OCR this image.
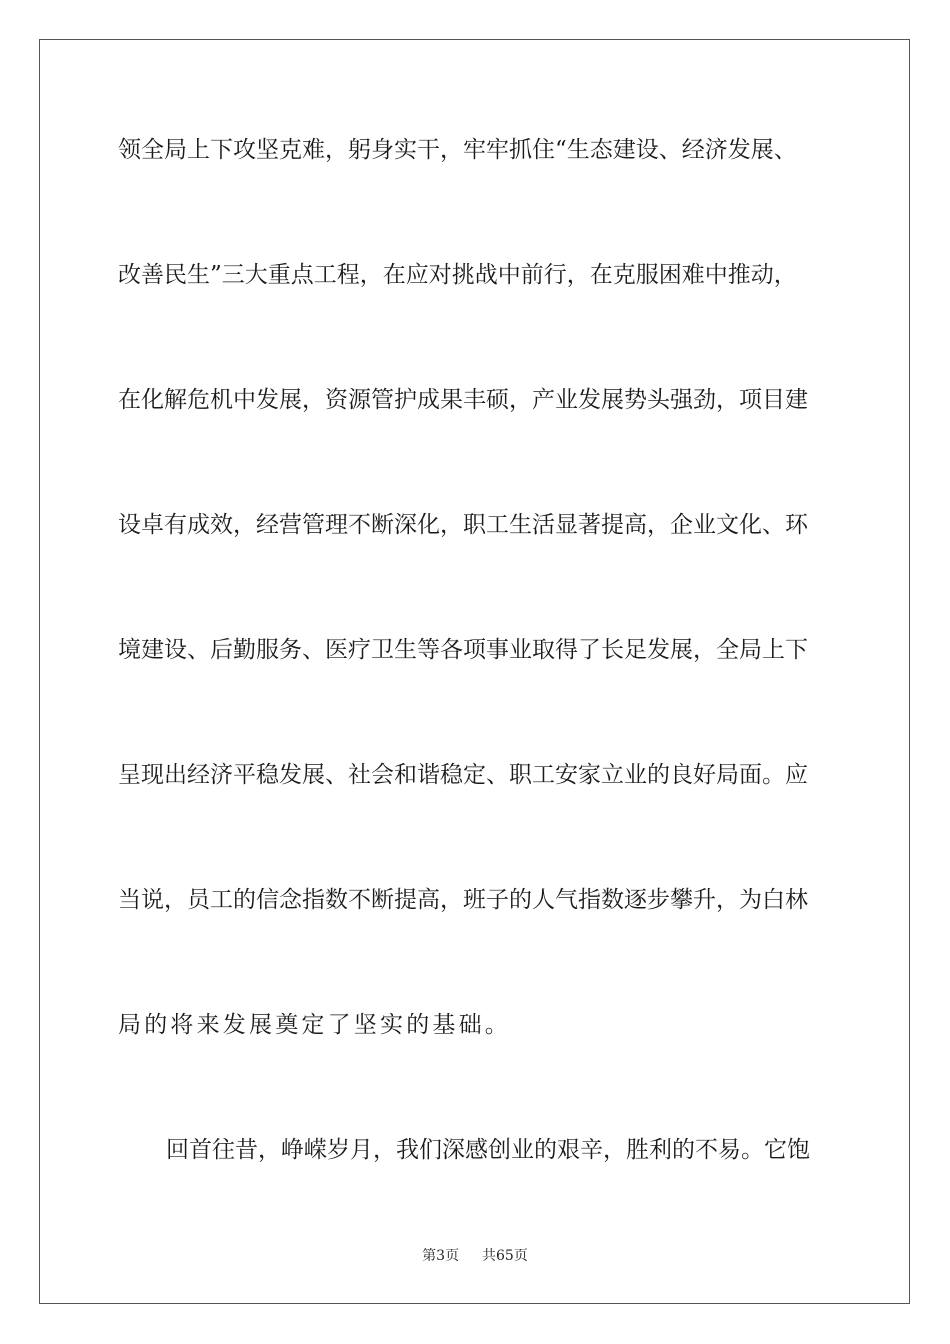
领全局上下攻坚克难，躬身实干，牢牢抓住“生态建设、经济发展、
改善民生”三大重点工程，在应对挑战中前行，在克服困难中推动，
在化解危机中发展，资源管护成果丰硕，产业发展势头强劲，项目建
设卓有成效，经营管理不断深化，职工生活显著提高，企业文化、环
境建设、后勤服务、医疗卫生等各项事业取得了长足发展，全局上下
呈现出经济平稳发展、社会和谐稳定、职工安家立业的良好局面。应
当说，员工的信念指数不断提高，班子的人气指数逐步攀升，为白林
局的将来发展奠定了坚实的基础。
回首往昔，峥嵘岁月，我们深感创业的艰辛，胜利的不易。它饱
第3页 共65页
